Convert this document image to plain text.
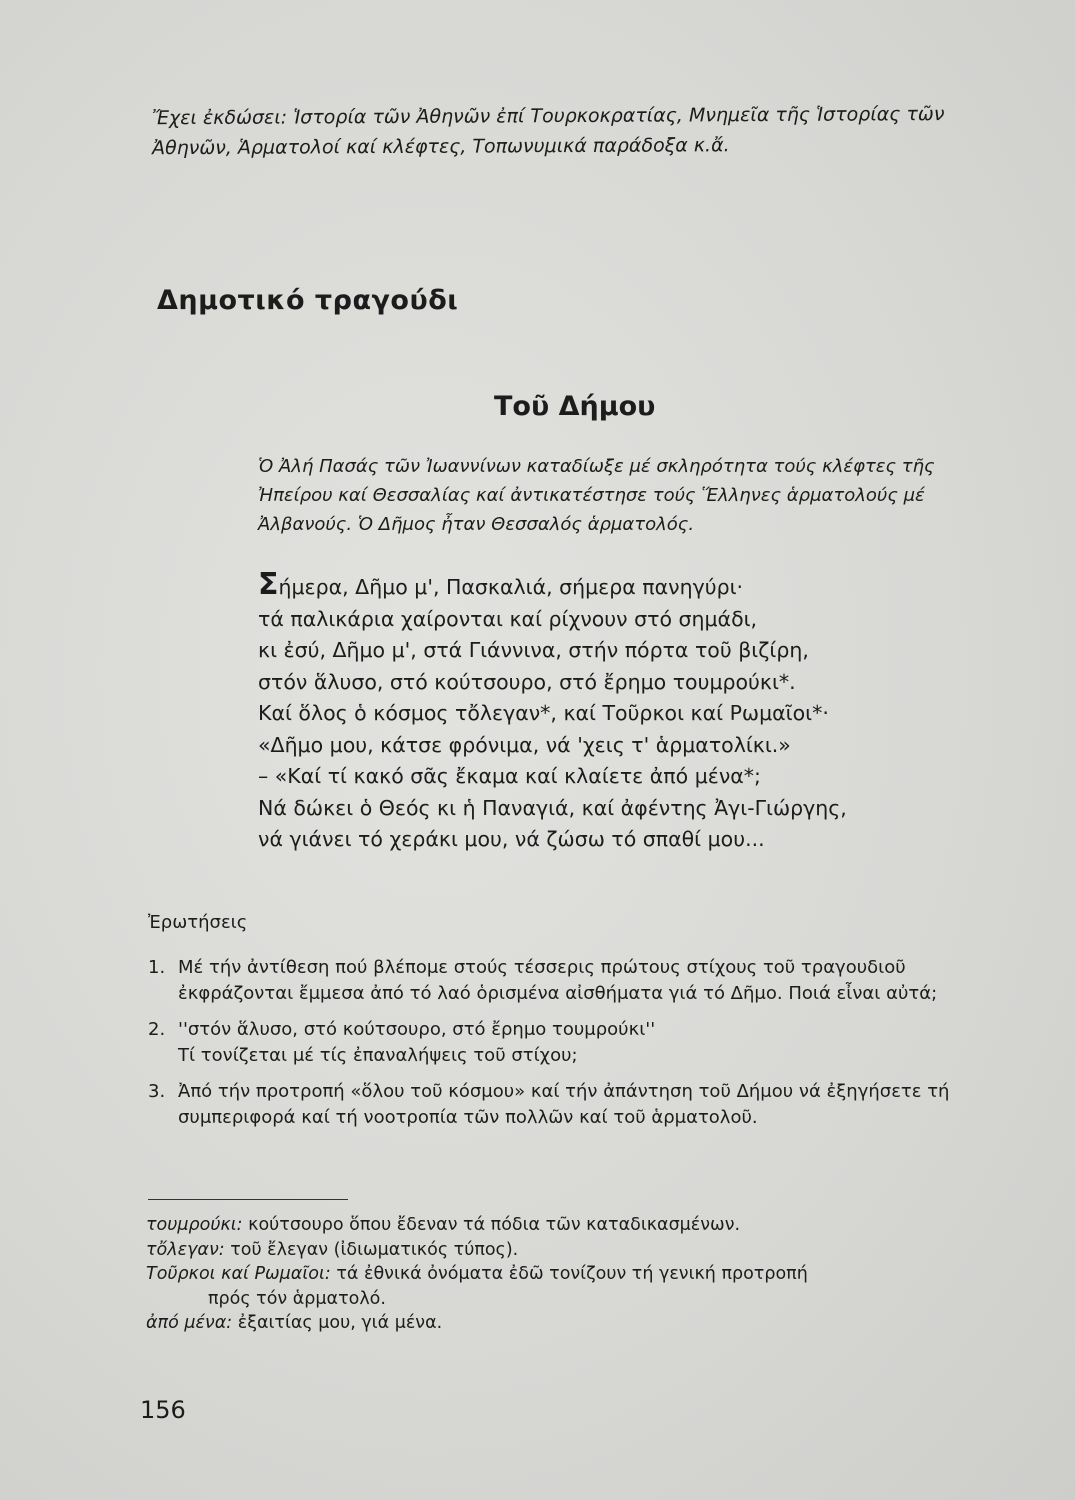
Ἔχει ἐκδώσει: Ἱστορία τῶν Ἀθηνῶν ἐπί Τουρκοκρατίας, Μνημεῖα τῆς Ἱστορίας τῶν Ἀθηνῶν, Ἁρματολοί καί κλέφτες, Τοπωνυμικά παράδοξα κ.ἄ.

Δημοτικό τραγούδι
Τοῦ Δήμου

Ὁ Ἀλή Πασάς τῶν Ἰωαννίνων καταδίωξε μέ σκληρότητα τούς κλέφτες τῆς Ἠπείρου καί Θεσσαλίας καί ἀντικατέστησε τούς Ἕλληνες ἁρματολούς μέ Ἀλβανούς. Ὁ Δῆμος ἦταν Θεσσαλός ἁρματολός.

Σήμερα, Δῆμο μ', Πασκαλιά, σήμερα πανηγύρι·
τά παλικάρια χαίρονται καί ρίχνουν στό σημάδι,
κι ἐσύ, Δῆμο μ', στά Γιάννινα, στήν πόρτα τοῦ βιζίρη,
στόν ἅλυσο, στό κούτσουρο, στό ἔρημο τουμρούκι*.
Καί ὅλος ὁ κόσμος τὄλεγαν*, καί Τοῦρκοι καί Ρωμαῖοι*·
«Δῆμο μου, κάτσε φρόνιμα, νά 'χεις τ' ἁρματολίκι.»
– «Καί τί κακό σᾶς ἔκαμα καί κλαίετε ἀπό μένα*;
Νά δώκει ὁ Θεός κι ἡ Παναγιά, καί ἀφέντης Ἀγι-Γιώργης,
νά γιάνει τό χεράκι μου, νά ζώσω τό σπαθί μου...
Ἐρωτήσεις
1. Μέ τήν ἀντίθεση πού βλέπομε στούς τέσσερις πρώτους στίχους τοῦ τραγουδιοῦ ἐκφράζονται ἔμμεσα ἀπό τό λαό ὁρισμένα αἰσθήματα γιά τό Δῆμο. Ποιά εἶναι αὐτά;
2. ''στόν ἅλυσο, στό κούτσουρο, στό ἔρημο τουμρούκι''
Τί τονίζεται μέ τίς ἐπαναλήψεις τοῦ στίχου;
3. Ἀπό τήν προτροπή «ὅλου τοῦ κόσμου» καί τήν ἀπάντηση τοῦ Δήμου νά ἐξηγήσετε τή συμπεριφορά καί τή νοοτροπία τῶν πολλῶν καί τοῦ ἁρματολοῦ.
τουμρούκι: κούτσουρο ὅπου ἔδεναν τά πόδια τῶν καταδικασμένων.
τὄλεγαν: τοῦ ἔλεγαν (ἰδιωματικός τύπος).
Τοῦρκοι καί Ρωμαῖοι: τά ἐθνικά ὀνόματα ἐδῶ τονίζουν τή γενική προτροπή
πρός τόν ἁρματολό.
ἀπό μένα: ἐξαιτίας μου, γιά μένα.
156
